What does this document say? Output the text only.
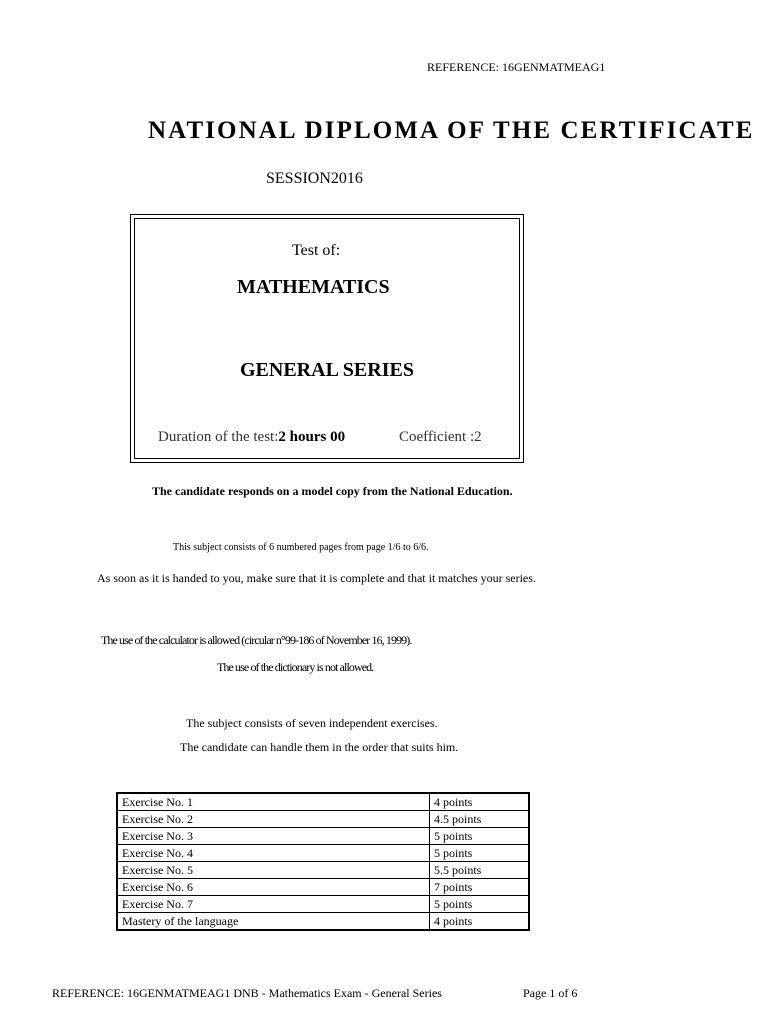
REFERENCE: 16GENMATMEAG1
NATIONAL DIPLOMA OF THE CERTIFICATE
SESSION2016
Test of:
MATHEMATICS
GENERAL SERIES
Duration of the test:2 hours 00	Coefficient :2
The candidate responds on a model copy from the National Education.
This subject consists of 6 numbered pages from page 1/6 to 6/6.
As soon as it is handed to you, make sure that it is complete and that it matches your series.
The use of the calculator is allowed (circular n°99-186 of November 16, 1999).
The use of the dictionary is not allowed.
The subject consists of seven independent exercises.
The candidate can handle them in the order that suits him.
Exercise No. 1	4 points
Exercise No. 2	4.5 points
Exercise No. 3	5 points
Exercise No. 4	5 points
Exercise No. 5	5.5 points
Exercise No. 6	7 points
Exercise No. 7	5 points
Mastery of the language	4 points
REFERENCE: 16GENMATMEAG1 DNB - Mathematics Exam - General Series	Page 1 of 6
